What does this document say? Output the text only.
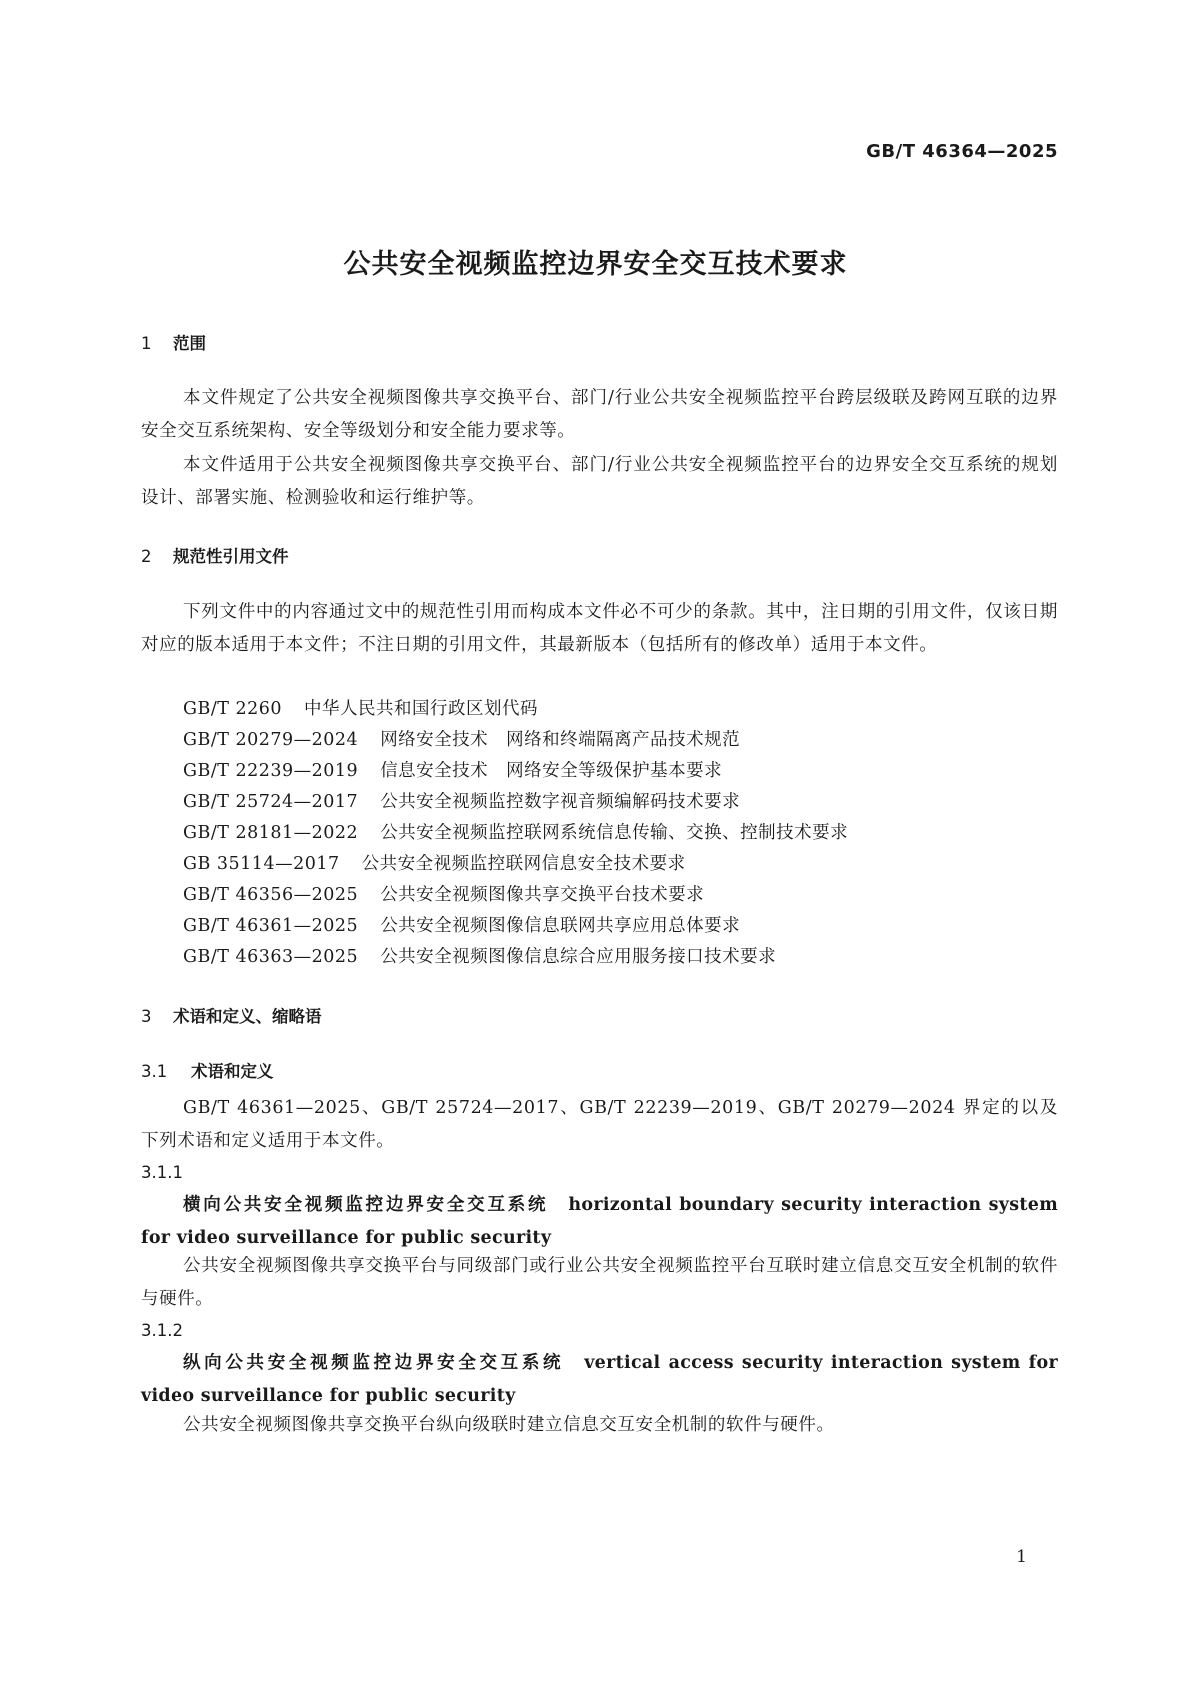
GB/T 46364—2025
公共安全视频监控边界安全交互技术要求
1 范围
本文件规定了公共安全视频图像共享交换平台、部门/行业公共安全视频监控平台跨层级联及跨网互联的边界安全交互系统架构、安全等级划分和安全能力要求等。
本文件适用于公共安全视频图像共享交换平台、部门/行业公共安全视频监控平台的边界安全交互系统的规划设计、部署实施、检测验收和运行维护等。
2 规范性引用文件
下列文件中的内容通过文中的规范性引用而构成本文件必不可少的条款。其中，注日期的引用文件，仅该日期对应的版本适用于本文件；不注日期的引用文件，其最新版本（包括所有的修改单）适用于本文件。
GB/T 2260 中华人民共和国行政区划代码
GB/T 20279—2024 网络安全技术　网络和终端隔离产品技术规范
GB/T 22239—2019 信息安全技术　网络安全等级保护基本要求
GB/T 25724—2017 公共安全视频监控数字视音频编解码技术要求
GB/T 28181—2022 公共安全视频监控联网系统信息传输、交换、控制技术要求
GB 35114—2017 公共安全视频监控联网信息安全技术要求
GB/T 46356—2025 公共安全视频图像共享交换平台技术要求
GB/T 46361—2025 公共安全视频图像信息联网共享应用总体要求
GB/T 46363—2025 公共安全视频图像信息综合应用服务接口技术要求
3 术语和定义、缩略语
3.1 术语和定义
GB/T 46361—2025、GB/T 25724—2017、GB/T 22239—2019、GB/T 20279—2024 界定的以及下列术语和定义适用于本文件。
3.1.1
横向公共安全视频监控边界安全交互系统 horizontal boundary security interaction system for video surveillance for public security
公共安全视频图像共享交换平台与同级部门或行业公共安全视频监控平台互联时建立信息交互安全机制的软件与硬件。
3.1.2
纵向公共安全视频监控边界安全交互系统 vertical access security interaction system for video surveillance for public security
公共安全视频图像共享交换平台纵向级联时建立信息交互安全机制的软件与硬件。
1
